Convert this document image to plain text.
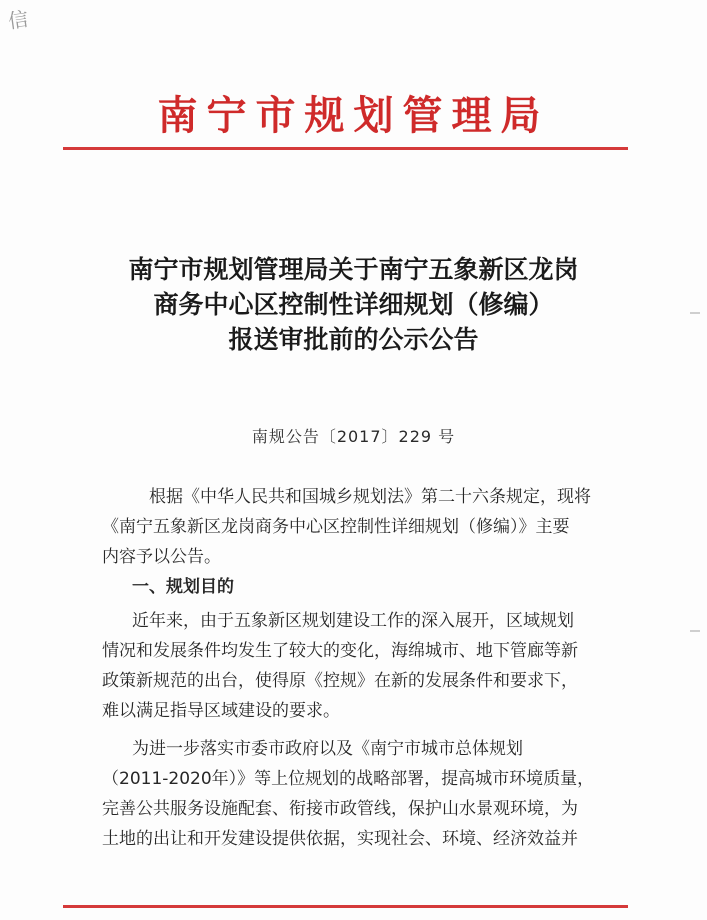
信
南宁市规划管理局
南宁市规划管理局关于南宁五象新区龙岗
商务中心区控制性详细规划（修编）
报送审批前的公示公告
南规公告〔2017〕229 号
根据《中华人民共和国城乡规划法》第二十六条规定，现将
《南宁五象新区龙岗商务中心区控制性详细规划（修编）》主要
内容予以公告。
一、规划目的
近年来，由于五象新区规划建设工作的深入展开，区域规划
情况和发展条件均发生了较大的变化，海绵城市、地下管廊等新
政策新规范的出台，使得原《控规》在新的发展条件和要求下，
难以满足指导区域建设的要求。
为进一步落实市委市政府以及《南宁市城市总体规划
（2011-2020年）》等上位规划的战略部署，提高城市环境质量，
完善公共服务设施配套、衔接市政管线，保护山水景观环境，为
土地的出让和开发建设提供依据，实现社会、环境、经济效益并
